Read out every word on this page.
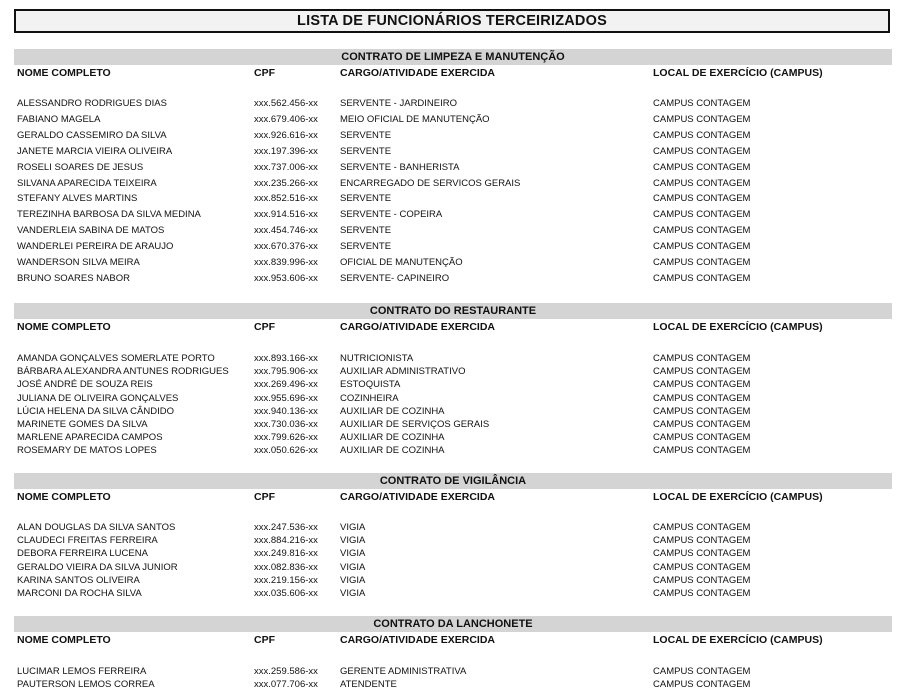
LISTA DE FUNCIONÁRIOS TERCEIRIZADOS
CONTRATO DE LIMPEZA E MANUTENÇÃO
NOME COMPLETO	CPF	CARGO/ATIVIDADE EXERCIDA	LOCAL DE EXERCÍCIO (CAMPUS)
ALESSANDRO RODRIGUES DIAS	xxx.562.456-xx SERVENTE - JARDINEIRO	CAMPUS CONTAGEM
FABIANO MAGELA	xxx.679.406-xx MEIO OFICIAL DE MANUTENÇÃO	CAMPUS CONTAGEM
GERALDO CASSEMIRO DA SILVA	xxx.926.616-xx SERVENTE	CAMPUS CONTAGEM
JANETE MARCIA VIEIRA OLIVEIRA	xxx.197.396-xx SERVENTE	CAMPUS CONTAGEM
ROSELI SOARES DE JESUS	xxx.737.006-xx SERVENTE - BANHERISTA	CAMPUS CONTAGEM
SILVANA APARECIDA TEIXEIRA	xxx.235.266-xx ENCARREGADO DE SERVICOS GERAIS	CAMPUS CONTAGEM
STEFANY ALVES MARTINS	xxx.852.516-xx SERVENTE	CAMPUS CONTAGEM
TEREZINHA BARBOSA DA SILVA MEDINA	xxx.914.516-xx SERVENTE - COPEIRA	CAMPUS CONTAGEM
VANDERLEIA SABINA DE MATOS	xxx.454.746-xx SERVENTE	CAMPUS CONTAGEM
WANDERLEI PEREIRA DE ARAUJO	xxx.670.376-xx SERVENTE	CAMPUS CONTAGEM
WANDERSON SILVA MEIRA	xxx.839.996-xx OFICIAL DE MANUTENÇÃO	CAMPUS CONTAGEM
BRUNO SOARES NABOR	xxx.953.606-xx SERVENTE- CAPINEIRO	CAMPUS CONTAGEM
CONTRATO DO RESTAURANTE
NOME COMPLETO	CPF	CARGO/ATIVIDADE EXERCIDA	LOCAL DE EXERCÍCIO (CAMPUS)
AMANDA GONÇALVES SOMERLATE PORTO	xxx.893.166-xx NUTRICIONISTA	CAMPUS CONTAGEM
BÁRBARA ALEXANDRA ANTUNES RODRIGUES	xxx.795.906-xx AUXILIAR ADMINISTRATIVO	CAMPUS CONTAGEM
JOSÉ ANDRÉ DE SOUZA REIS	xxx.269.496-xx ESTOQUISTA	CAMPUS CONTAGEM
JULIANA DE OLIVEIRA GONÇALVES	xxx.955.696-xx COZINHEIRA	CAMPUS CONTAGEM
LÚCIA HELENA DA SILVA CÂNDIDO	xxx.940.136-xx AUXILIAR DE COZINHA	CAMPUS CONTAGEM
MARINETE GOMES DA SILVA	xxx.730.036-xx AUXILIAR DE SERVIÇOS GERAIS	CAMPUS CONTAGEM
MARLENE APARECIDA CAMPOS	xxx.799.626-xx AUXILIAR DE COZINHA	CAMPUS CONTAGEM
ROSEMARY DE MATOS LOPES	xxx.050.626-xx AUXILIAR DE COZINHA	CAMPUS CONTAGEM
CONTRATO DE VIGILÂNCIA
NOME COMPLETO	CPF	CARGO/ATIVIDADE EXERCIDA	LOCAL DE EXERCÍCIO (CAMPUS)
ALAN DOUGLAS DA SILVA SANTOS	xxx.247.536-xx VIGIA	CAMPUS CONTAGEM
CLAUDECI FREITAS FERREIRA	xxx.884.216-xx VIGIA	CAMPUS CONTAGEM
DEBORA FERREIRA LUCENA	xxx.249.816-xx VIGIA	CAMPUS CONTAGEM
GERALDO VIEIRA DA SILVA JUNIOR	xxx.082.836-xx VIGIA	CAMPUS CONTAGEM
KARINA SANTOS OLIVEIRA	xxx.219.156-xx VIGIA	CAMPUS CONTAGEM
MARCONI DA ROCHA SILVA	xxx.035.606-xx VIGIA	CAMPUS CONTAGEM
CONTRATO DA LANCHONETE
NOME COMPLETO	CPF	CARGO/ATIVIDADE EXERCIDA	LOCAL DE EXERCÍCIO (CAMPUS)
LUCIMAR LEMOS FERREIRA	xxx.259.586-xx GERENTE ADMINISTRATIVA	CAMPUS CONTAGEM
PAUTERSON LEMOS CORREA	xxx.077.706-xx ATENDENTE	CAMPUS CONTAGEM
